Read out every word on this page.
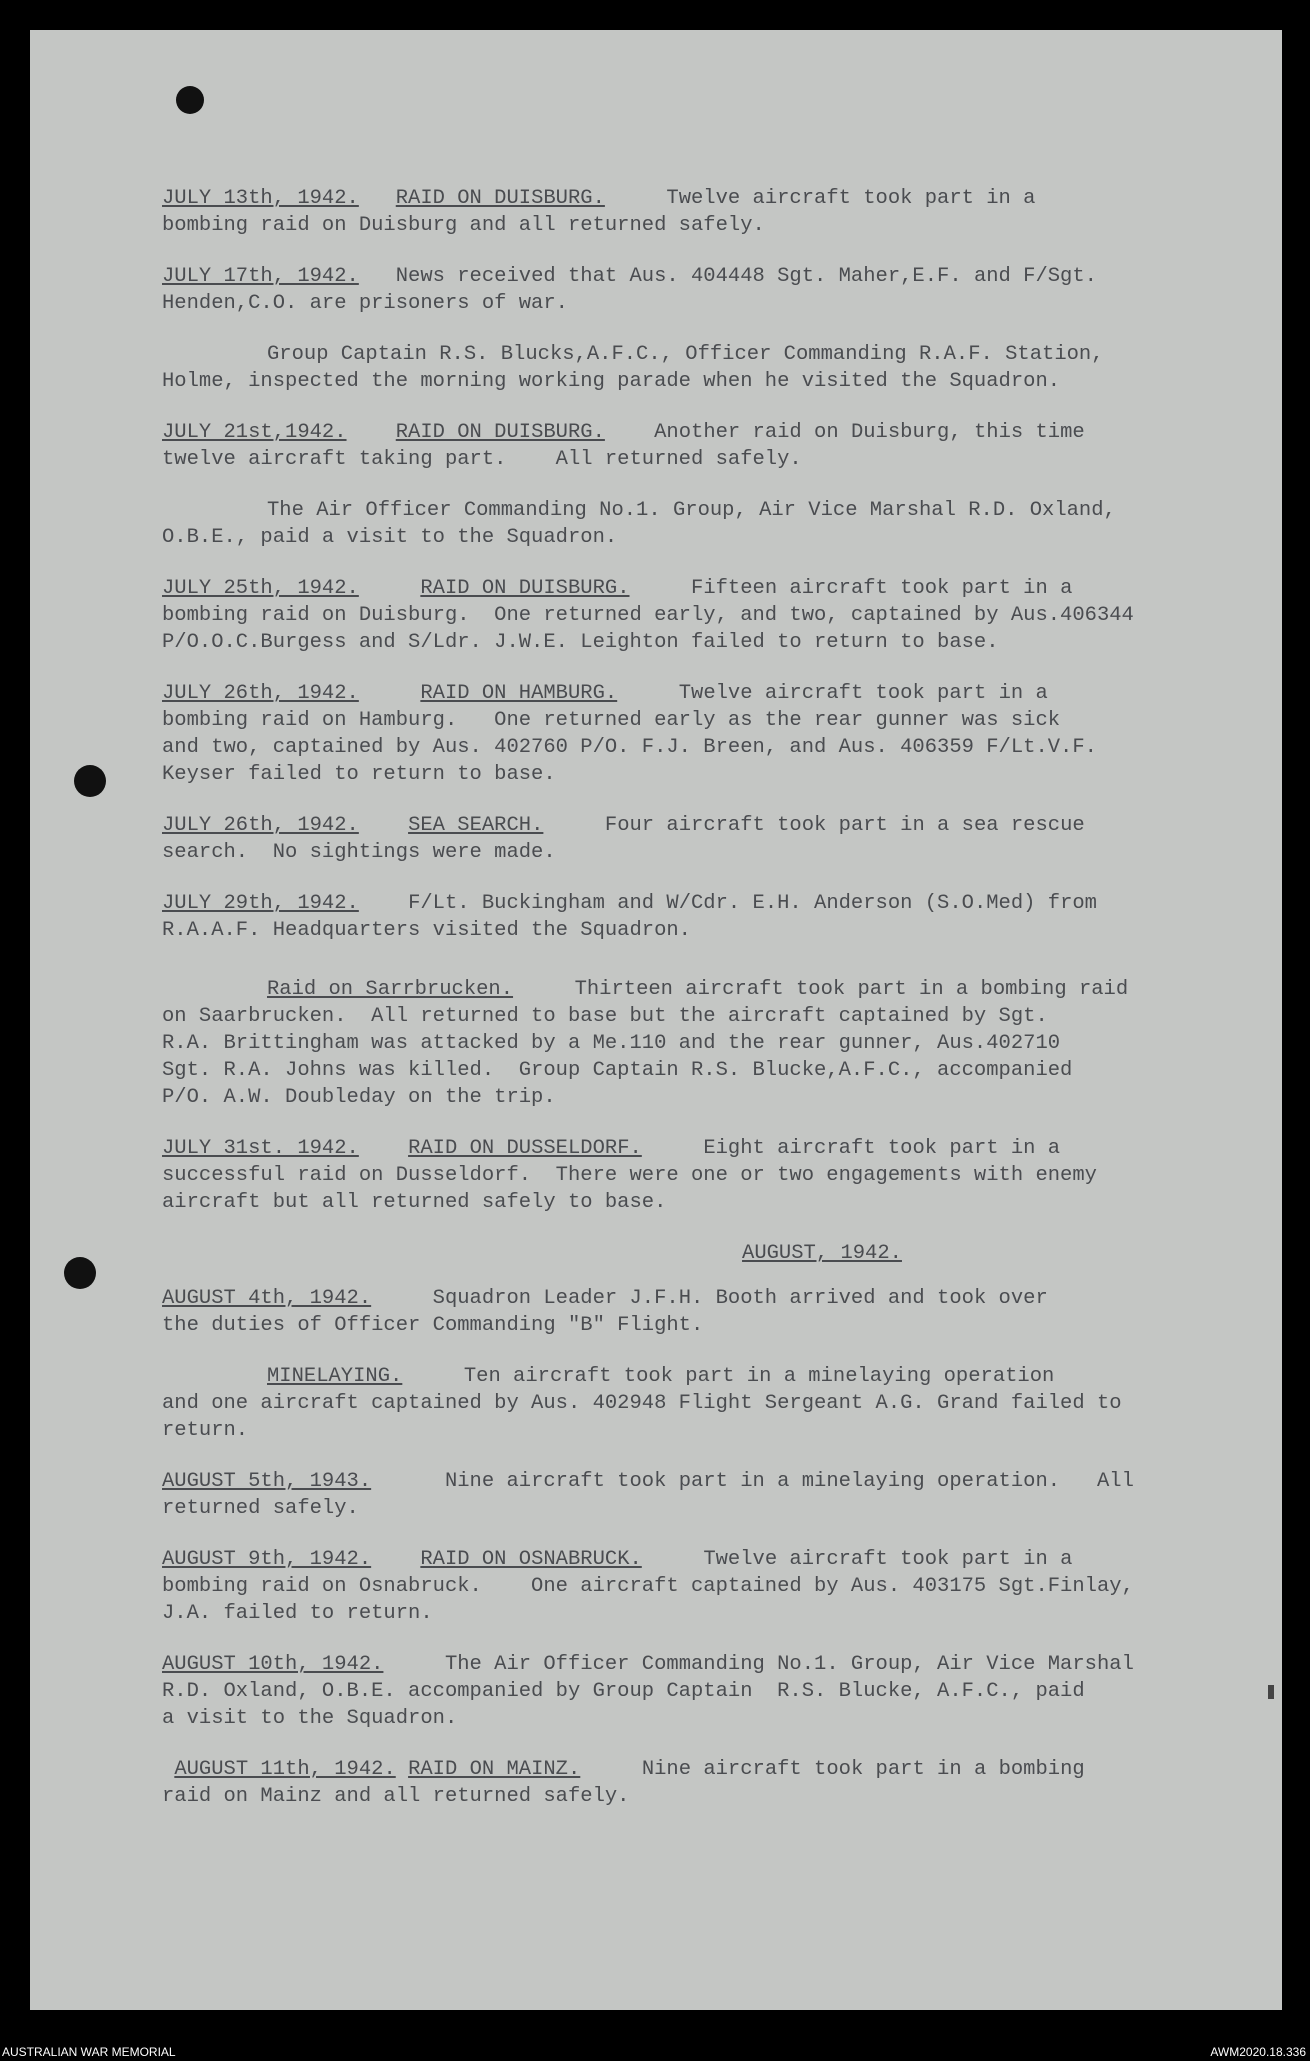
JULY 13th, 1942. RAID ON DUISBURG.	Twelve aircraft took part in a

bombing raid on Duisburg and all returned safely.

JULY 17th, 1942. News received that Aus. 404448 Sgt. Maher,E.F. and F/Sgt.

Henden,C.O. are prisoners of war.

Group Captain R.S. Blucks,A.F.C., Officer Commanding R.A.F. Station,

Holme, inspected the morning working parade when he visited the Squadron.

JULY 21st,1942. RAID ON DUISBURG. Another raid on Duisburg, this time

twelve aircraft taking part.    All returned safely.

The Air Officer Commanding No.1. Group, Air Vice Marshal R.D. Oxland,

O.B.E., paid a visit to the Squadron.

JULY 25th, 1942.	RAID ON DUISBURG.	Fifteen aircraft took part in a

bombing raid on Duisburg.  One returned early, and two, captained by Aus.406344

P/O.O.C.Burgess and S/Ldr. J.W.E. Leighton failed to return to base.

JULY 26th, 1942.	RAID ON HAMBURG.	Twelve aircraft took part in a

bombing raid on Hamburg.   One returned early as the rear gunner was sick

and two, captained by Aus. 402760 P/O. F.J. Breen, and Aus. 406359 F/Lt.V.F.

Keyser failed to return to base.

JULY 26th, 1942. SEA SEARCH.	Four aircraft took part in a sea rescue

search.  No sightings were made.

JULY 29th, 1942. F/Lt. Buckingham and W/Cdr. E.H. Anderson (S.O.Med) from

R.A.A.F. Headquarters visited the Squadron.

Raid on Sarrbrucken.	Thirteen aircraft took part in a bombing raid

on Saarbrucken.  All returned to base but the aircraft captained by Sgt.

R.A. Brittingham was attacked by a Me.110 and the rear gunner, Aus.402710

Sgt. R.A. Johns was killed.  Group Captain R.S. Blucke,A.F.C., accompanied

P/O. A.W. Doubleday on the trip.

JULY 31st. 1942. RAID ON DUSSELDORF.	Eight aircraft took part in a

successful raid on Dusseldorf.  There were one or two engagements with enemy

aircraft but all returned safely to base.

AUGUST, 1942.

AUGUST 4th, 1942.	Squadron Leader J.F.H. Booth arrived and took over

the duties of Officer Commanding "B" Flight.

MINELAYING.	Ten aircraft took part in a minelaying operation

and one aircraft captained by Aus. 402948 Flight Sergeant A.G. Grand failed to

return.

AUGUST 5th, 1943.	Nine aircraft took part in a minelaying operation.   All

returned safely.

AUGUST 9th, 1942. RAID ON OSNABRUCK.	Twelve aircraft took part in a

bombing raid on Osnabruck.    One aircraft captained by Aus. 403175 Sgt.Finlay,

J.A. failed to return.

AUGUST 10th, 1942.	The Air Officer Commanding No.1. Group, Air Vice Marshal

R.D. Oxland, O.B.E. accompanied by Group Captain  R.S. Blucke, A.F.C., paid

a visit to the Squadron.

AUGUST 11th, 1942. RAID ON MAINZ.	Nine aircraft took part in a bombing

raid on Mainz and all returned safely.

AUSTRALIAN WAR MEMORIAL	AWM2020.18.336
